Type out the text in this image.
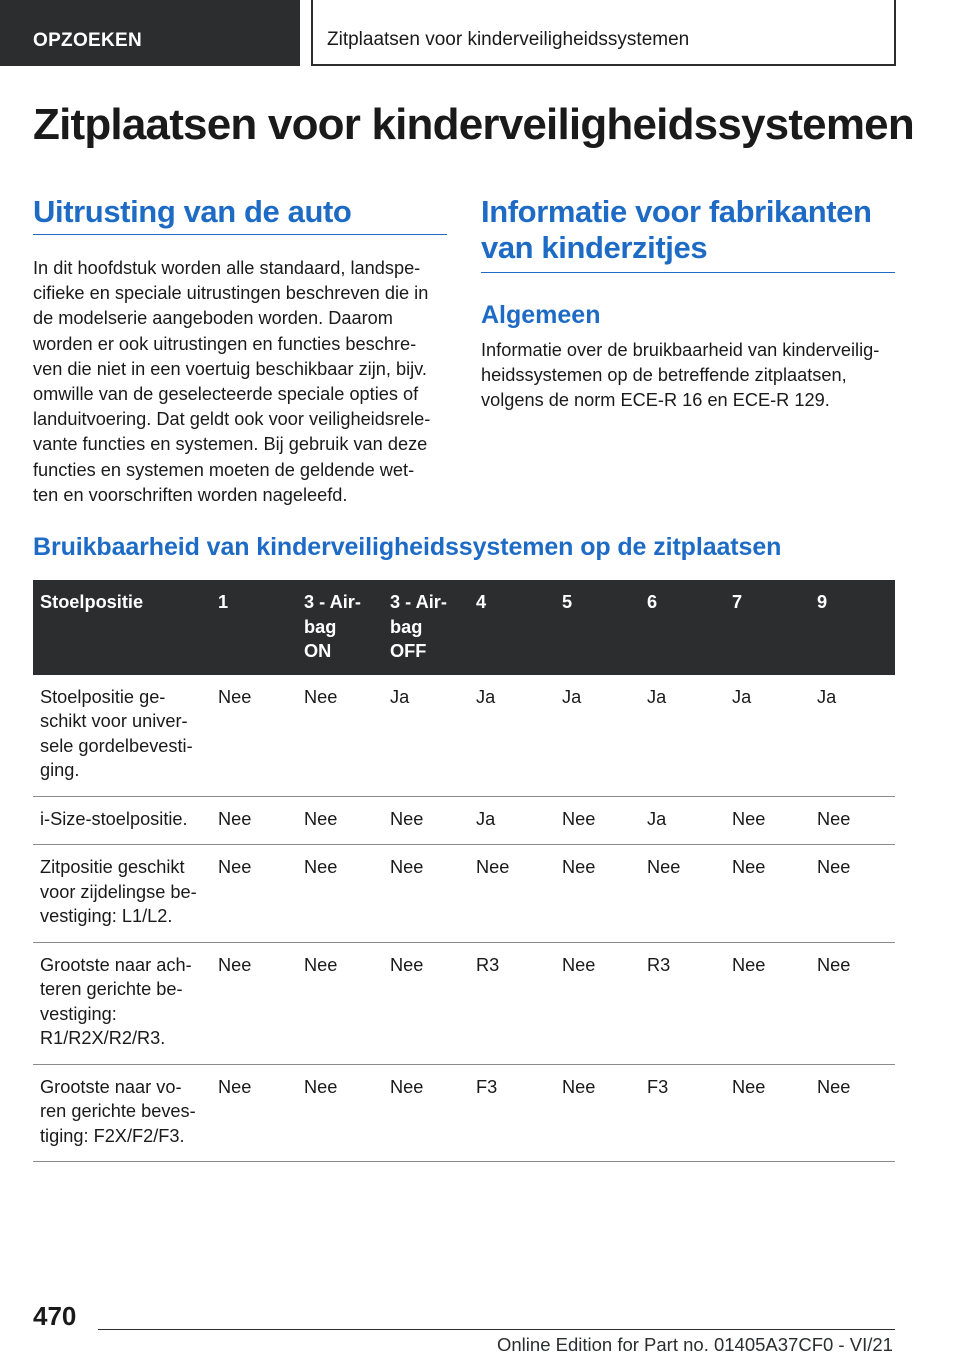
OPZOEKEN	Zitplaatsen voor kinderveiligheidssystemen
Zitplaatsen voor kinderveiligheidssystemen
Uitrusting van de auto

In dit hoofdstuk worden alle standaard, landspe‐
cifieke en speciale uitrustingen beschreven die in
de modelserie aangeboden worden. Daarom
worden er ook uitrustingen en functies beschre‐
ven die niet in een voertuig beschikbaar zijn, bijv.
omwille van de geselecteerde speciale opties of
landuitvoering. Dat geldt ook voor veiligheidsrele‐
vante functies en systemen. Bij gebruik van deze
functies en systemen moeten de geldende wet‐
ten en voorschriften worden nageleefd.

Informatie voor fabrikanten
van kinderzitjes
Algemeen

Informatie over de bruikbaarheid van kinderveilig‐
heidssystemen op de betreffende zitplaatsen,
volgens de norm ECE-R 16 en ECE-R 129.

Bruikbaarheid van kinderveiligheidssystemen op de zitplaatsen
Stoelpositie	1	3 - Air‐
bag
ON	3 - Air‐
bag
OFF	4	5	6	7	9

Stoelpositie ge‐
schikt voor univer‐
sele gordelbevesti‐
ging.	Nee	Nee	Ja	Ja	Ja	Ja	Ja	Ja

i-Size-stoelpositie.	Nee	Nee	Nee	Ja	Nee	Ja	Nee	Nee

Zitpositie geschikt
voor zijdelingse be‐
vestiging: L1/L2.	Nee	Nee	Nee	Nee	Nee	Nee	Nee	Nee

Grootste naar ach‐
teren gerichte be‐
vestiging:
R1/R2X/R2/R3.	Nee	Nee	Nee	R3	Nee	R3	Nee	Nee

Grootste naar vo‐
ren gerichte beves‐
tiging: F2X/F2/F3.	Nee	Nee	Nee	F3	Nee	F3	Nee	Nee
470
Online Edition for Part no. 01405A37CF0 - VI/21
